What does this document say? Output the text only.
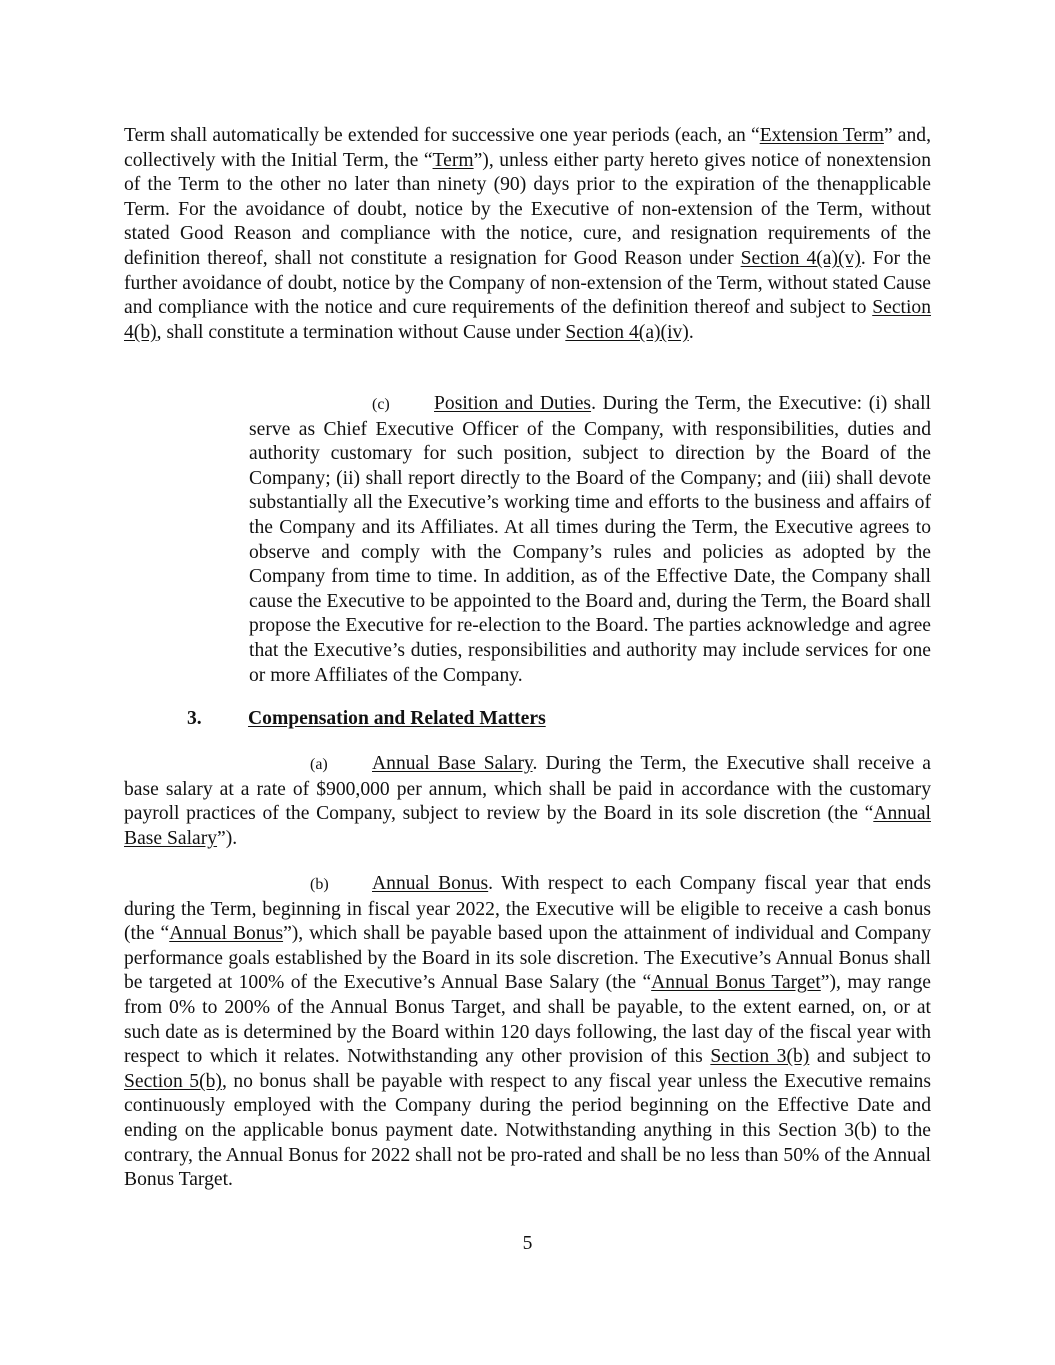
Term shall automatically be extended for successive one year periods (each, an “Extension Term” and, collectively with the Initial Term, the “Term”), unless either party hereto gives notice of nonextension of the Term to the other no later than ninety (90) days prior to the expiration of the thenapplicable Term. For the avoidance of doubt, notice by the Executive of non-extension of the Term, without stated Good Reason and compliance with the notice, cure, and resignation requirements of the definition thereof, shall not constitute a resignation for Good Reason under Section 4(a)(v). For the further avoidance of doubt, notice by the Company of non-extension of the Term, without stated Cause and compliance with the notice and cure requirements of the definition thereof and subject to Section 4(b), shall constitute a termination without Cause under Section 4(a)(iv).

(c) Position and Duties. During the Term, the Executive: (i) shall serve as Chief Executive Officer of the Company, with responsibilities, duties and authority customary for such position, subject to direction by the Board of the Company; (ii) shall report directly to the Board of the Company; and (iii) shall devote substantially all the Executive’s working time and efforts to the business and affairs of the Company and its Affiliates. At all times during the Term, the Executive agrees to observe and comply with the Company’s rules and policies as adopted by the Company from time to time. In addition, as of the Effective Date, the Company shall cause the Executive to be appointed to the Board and, during the Term, the Board shall propose the Executive for re-election to the Board. The parties acknowledge and agree that the Executive’s duties, responsibilities and authority may include services for one or more Affiliates of the Company.

3. Compensation and Related Matters

(a) Annual Base Salary. During the Term, the Executive shall receive a base salary at a rate of $900,000 per annum, which shall be paid in accordance with the customary payroll practices of the Company, subject to review by the Board in its sole discretion (the “Annual Base Salary”).

(b) Annual Bonus. With respect to each Company fiscal year that ends during the Term, beginning in fiscal year 2022, the Executive will be eligible to receive a cash bonus (the “Annual Bonus”), which shall be payable based upon the attainment of individual and Company performance goals established by the Board in its sole discretion. The Executive’s Annual Bonus shall be targeted at 100% of the Executive’s Annual Base Salary (the “Annual Bonus Target”), may range from 0% to 200% of the Annual Bonus Target, and shall be payable, to the extent earned, on, or at such date as is determined by the Board within 120 days following, the last day of the fiscal year with respect to which it relates. Notwithstanding any other provision of this Section 3(b) and subject to Section 5(b), no bonus shall be payable with respect to any fiscal year unless the Executive remains continuously employed with the Company during the period beginning on the Effective Date and ending on the applicable bonus payment date. Notwithstanding anything in this Section 3(b) to the contrary, the Annual Bonus for 2022 shall not be pro-rated and shall be no less than 50% of the Annual Bonus Target.

5
